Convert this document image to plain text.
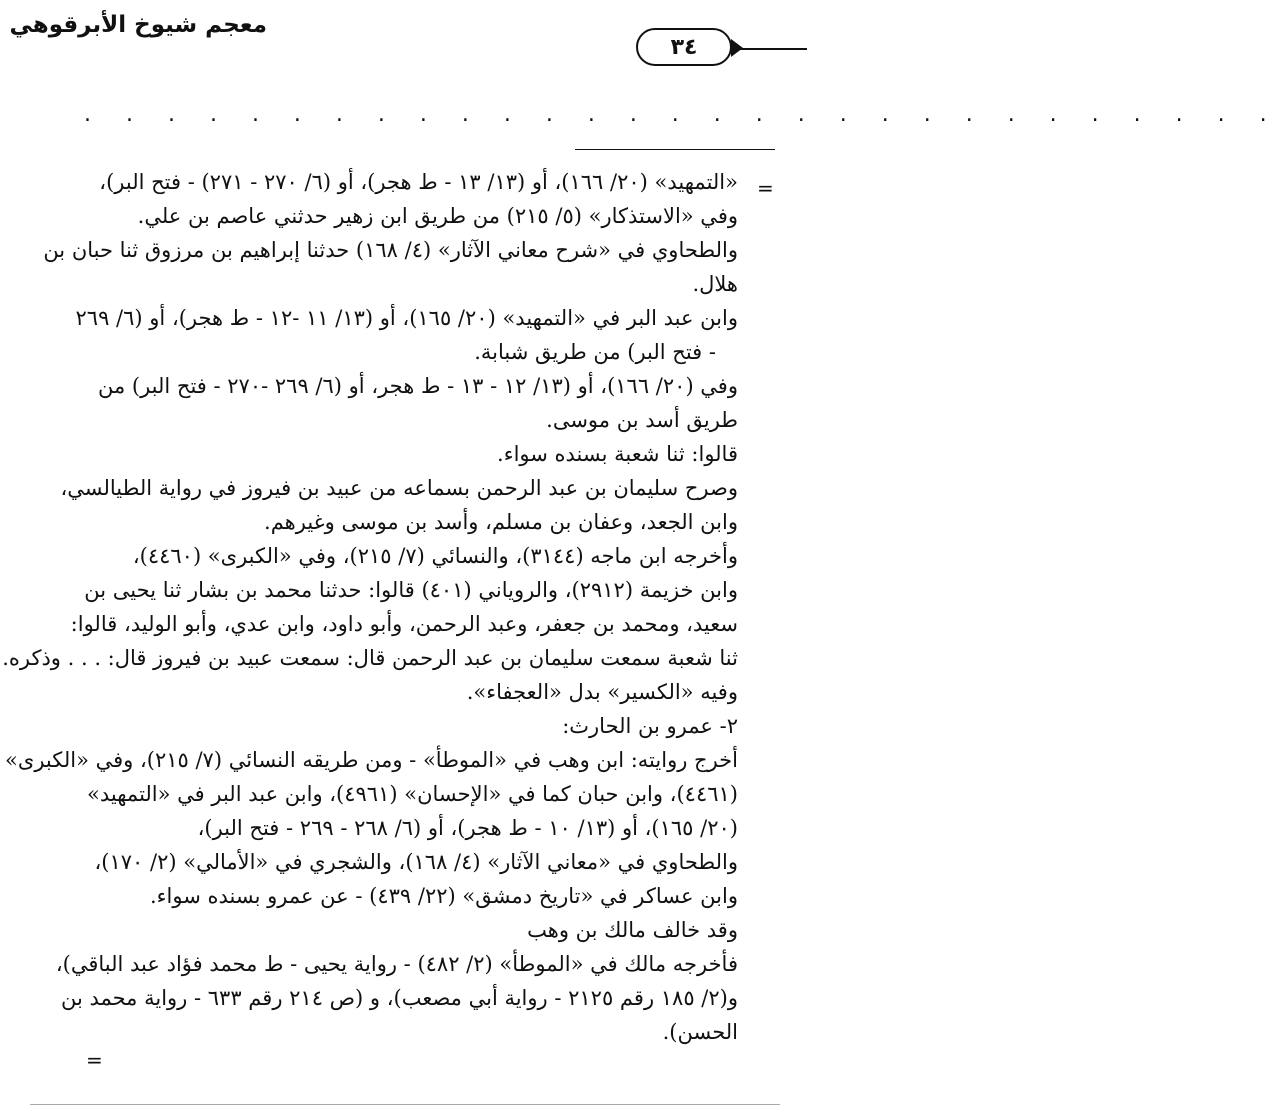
معجم شيوخ الأبرقوهي
٣٤
. . . . . . . . . . . . . . . . . . . . . . . . . . . . .
=
«التمهيد» (٢٠/ ١٦٦)، أو (١٣/ ١٣ - ط هجر)، أو (٦/ ٢٧٠ - ٢٧١) - فتح البر)،
وفي «الاستذكار» (٥/ ٢١٥) من طريق ابن زهير حدثني عاصم بن علي.
والطحاوي في «شرح معاني الآثار» (٤/ ١٦٨) حدثنا إبراهيم بن مرزوق ثنا حبان بن
هلال.
وابن عبد البر في «التمهيد» (٢٠/ ١٦٥)، أو (١٣/ ١١ -١٢ - ط هجر)، أو (٦/ ٢٦٩
- فتح البر) من طريق شبابة.
وفي (٢٠/ ١٦٦)، أو (١٣/ ١٢ - ١٣ - ط هجر، أو (٦/ ٢٦٩ -٢٧٠ - فتح البر) من
طريق أسد بن موسى.
قالوا: ثنا شعبة بسنده سواء.
وصرح سليمان بن عبد الرحمن بسماعه من عبيد بن فيروز في رواية الطيالسي،
وابن الجعد، وعفان بن مسلم، وأسد بن موسى وغيرهم.
وأخرجه ابن ماجه (٣١٤٤)، والنسائي (٧/ ٢١٥)، وفي «الكبرى» (٤٤٦٠)،
وابن خزيمة (٢٩١٢)، والروياني (٤٠١) قالوا: حدثنا محمد بن بشار ثنا يحيى بن
سعيد، ومحمد بن جعفر، وعبد الرحمن، وأبو داود، وابن عدي، وأبو الوليد، قالوا:
ثنا شعبة سمعت سليمان بن عبد الرحمن قال: سمعت عبيد بن فيروز قال: . . . وذكره.
وفيه «الكسير» بدل «العجفاء».
٢- عمرو بن الحارث:
أخرج روايته: ابن وهب في «الموطأ» - ومن طريقه النسائي (٧/ ٢١٥)، وفي «الكبرى»
(٤٤٦١)، وابن حبان كما في «الإحسان» (٤٩٦١)، وابن عبد البر في «التمهيد»
(٢٠/ ١٦٥)، أو (١٣/ ١٠ - ط هجر)، أو (٦/ ٢٦٨ - ٢٦٩ - فتح البر)،
والطحاوي في «معاني الآثار» (٤/ ١٦٨)، والشجري في «الأمالي» (٢/ ١٧٠)،
وابن عساكر في «تاريخ دمشق» (٢٢/ ٤٣٩) - عن عمرو بسنده سواء.
وقد خالف مالك بن وهب
فأخرجه مالك في «الموطأ» (٢/ ٤٨٢) - رواية يحيى - ط محمد فؤاد عبد الباقي)،
و(٢/ ١٨٥ رقم ٢١٢٥ - رواية أبي مصعب)، و (ص ٢١٤ رقم ٦٣٣ - رواية محمد بن
الحسن).
=
